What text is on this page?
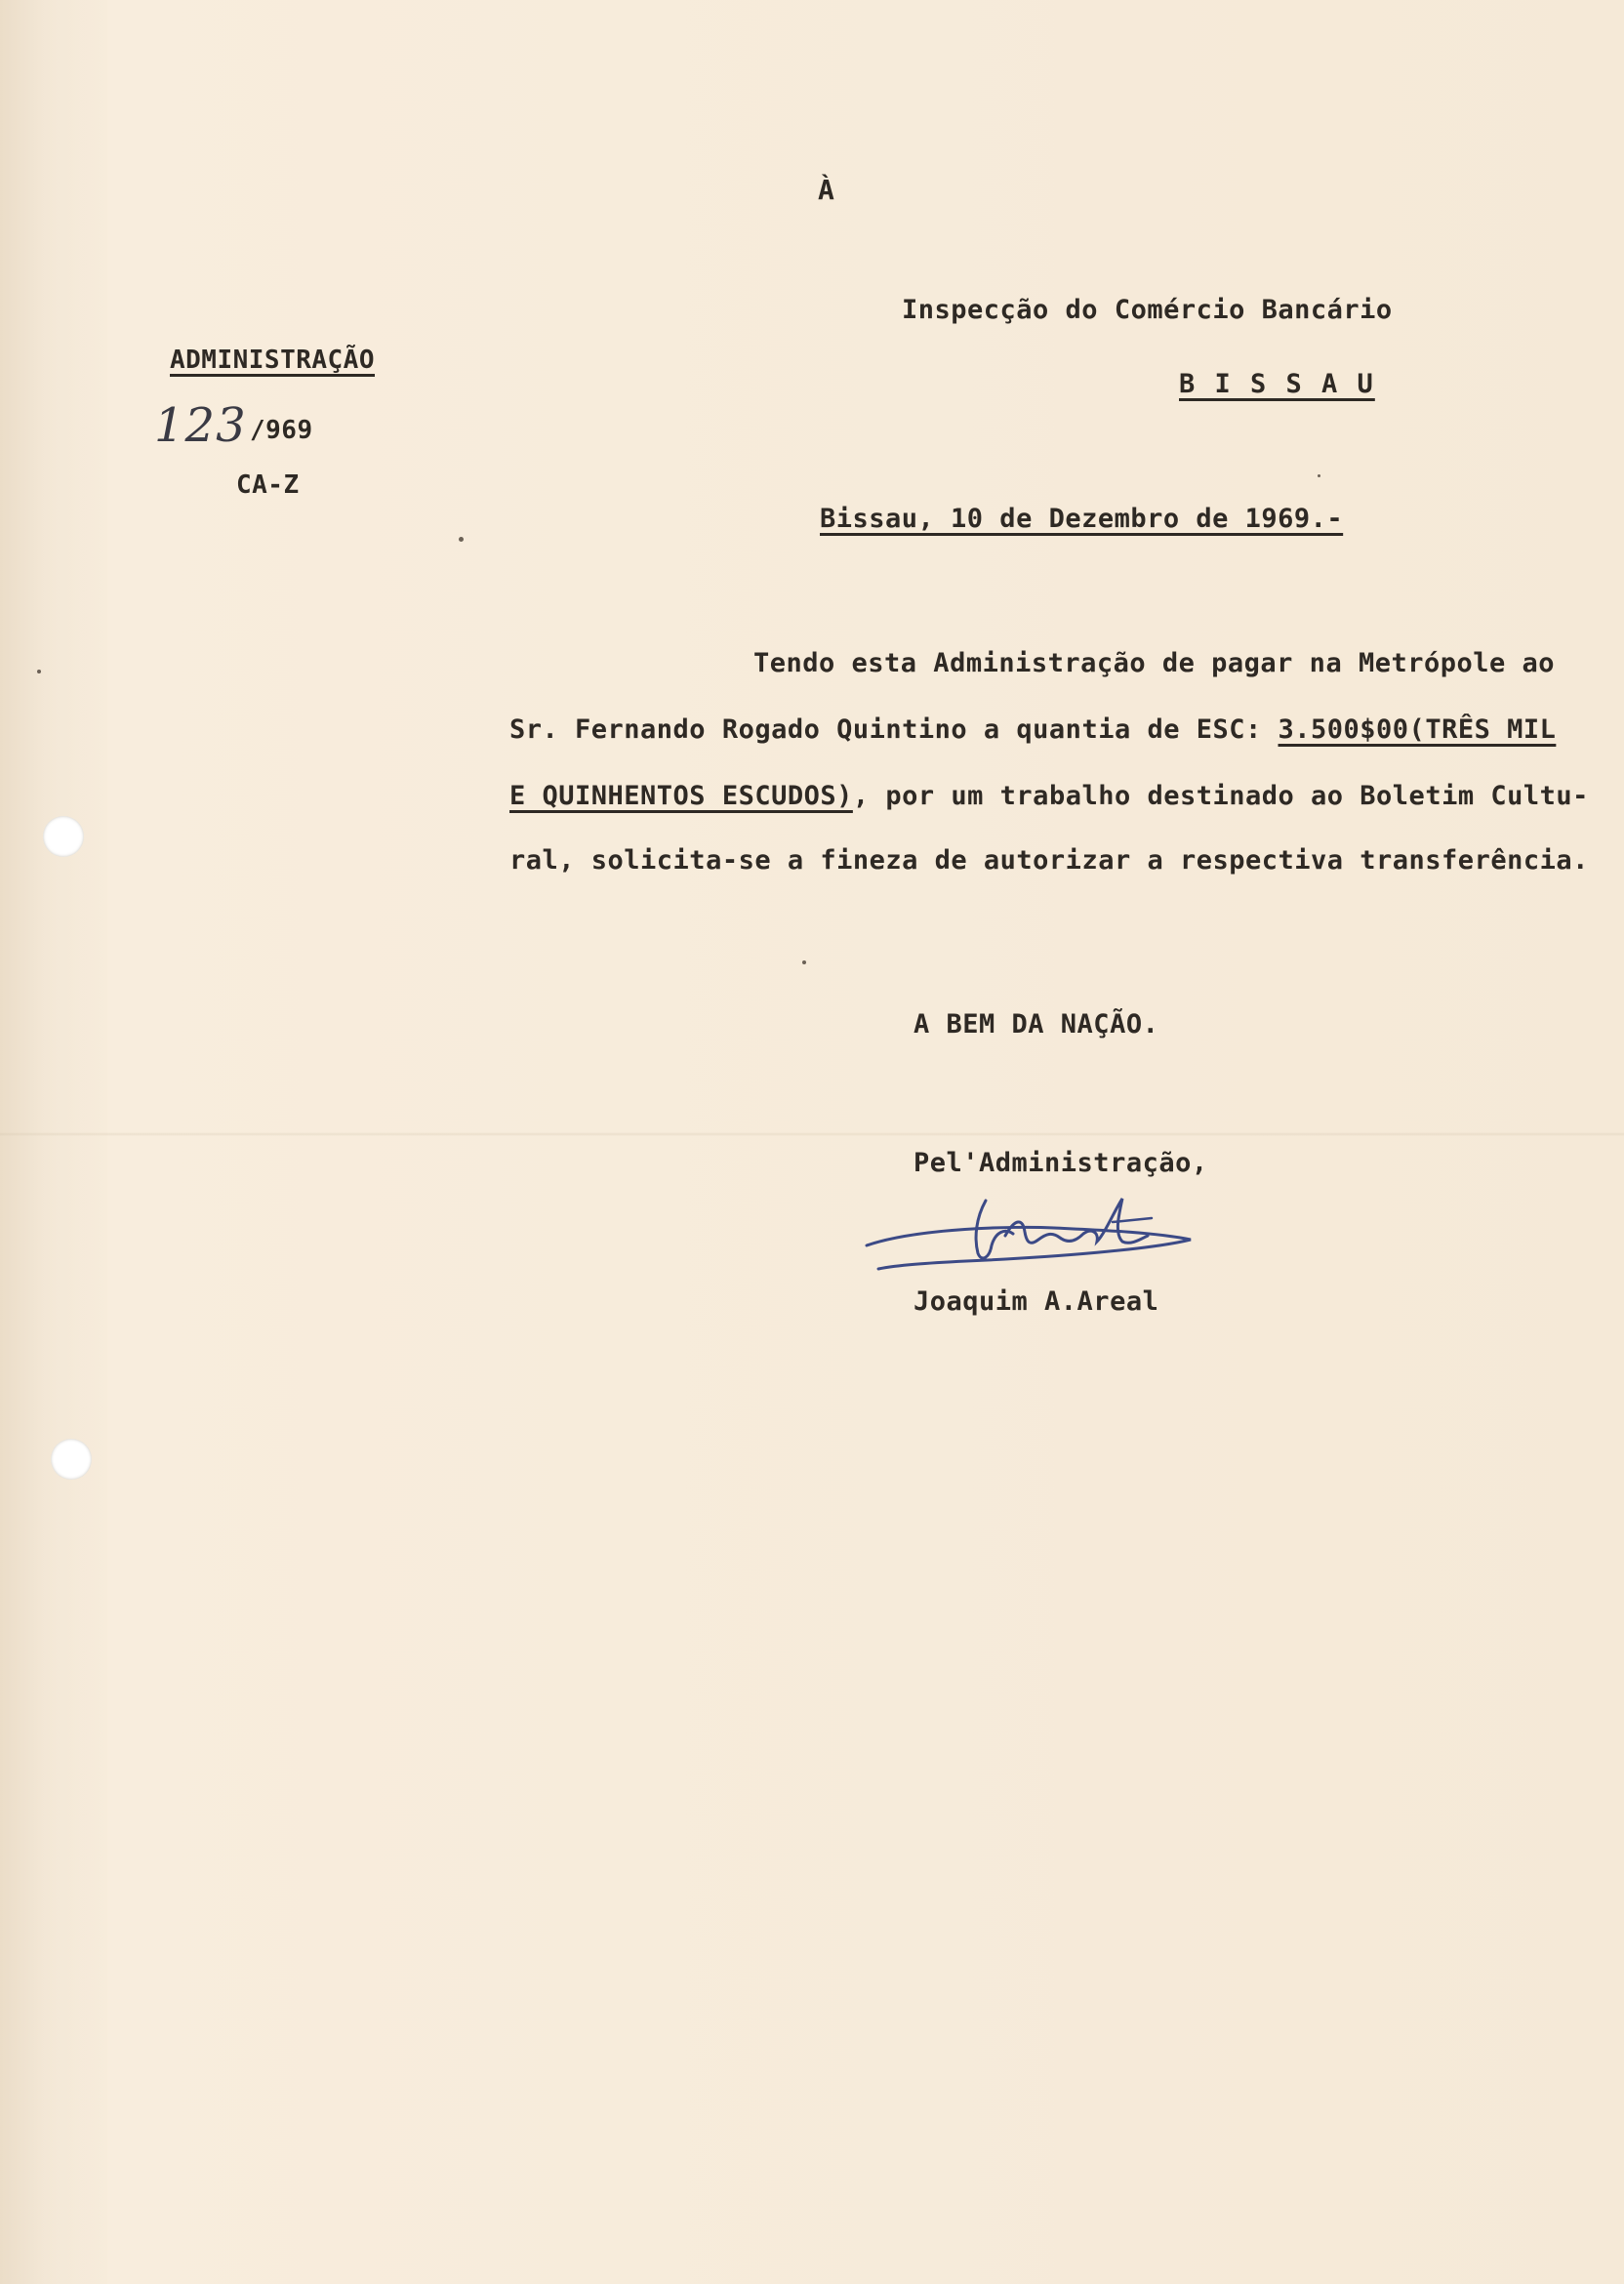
À
Inspecção do Comércio Bancário
B I S S A U
ADMINISTRAÇÃO
123 /969
CA-Z
Bissau, 10 de Dezembro de 1969.-
Tendo esta Administração de pagar na Metrópole ao
Sr. Fernando Rogado Quintino a quantia de ESC: 3.500$00(TRÊS MIL
E QUINHENTOS ESCUDOS), por um trabalho destinado ao Boletim Cultu-
ral, solicita-se a fineza de autorizar a respectiva transferência.
A BEM DA NAÇÃO.
Pel'Administração,
Joaquim A.Areal
